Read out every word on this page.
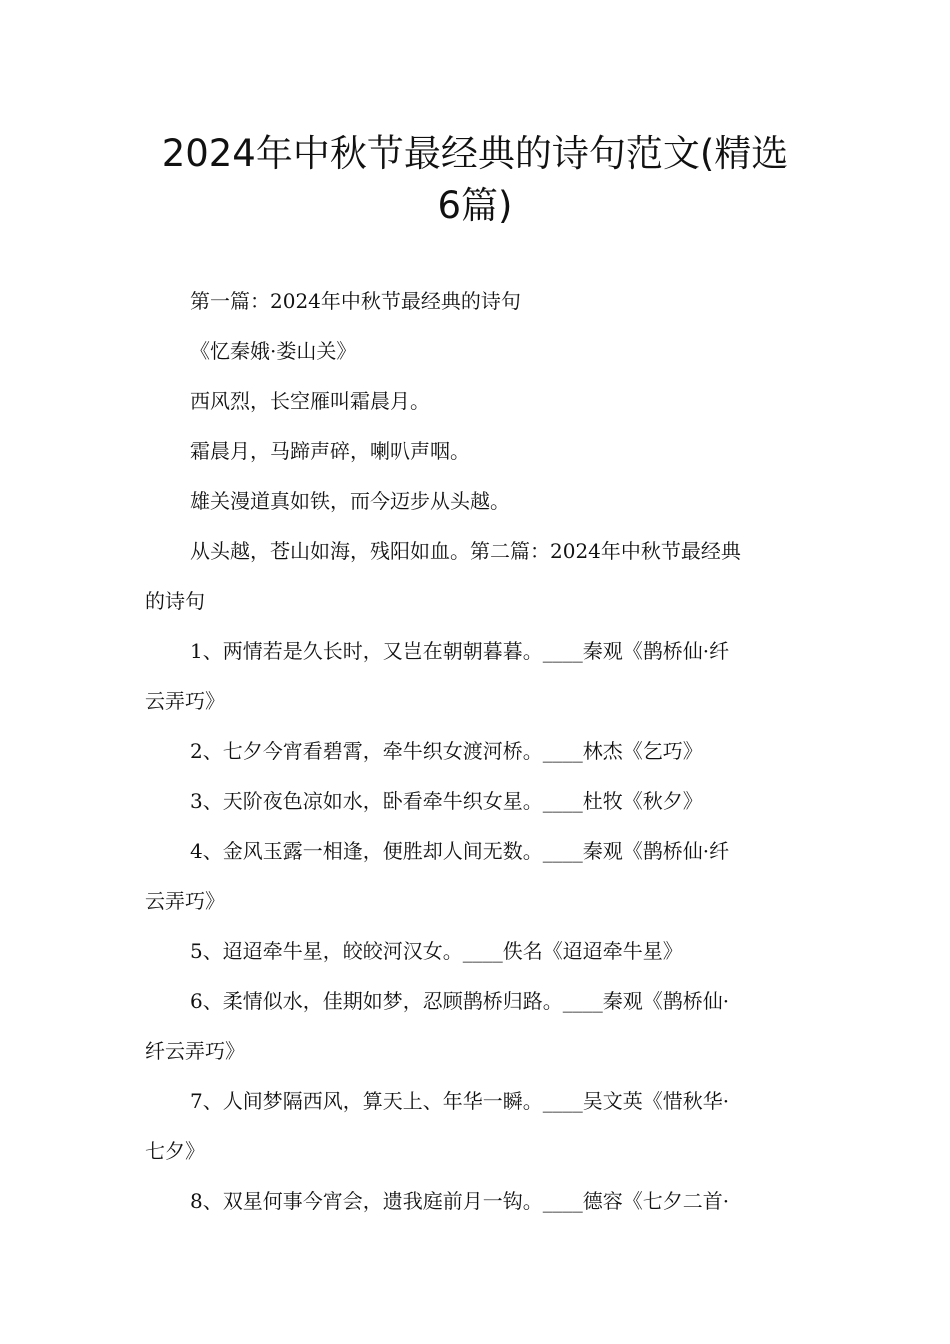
2024年中秋节最经典的诗句范文(精选
6篇)
第一篇：2024年中秋节最经典的诗句
《忆秦娥·娄山关》
西风烈，长空雁叫霜晨月。
霜晨月，马蹄声碎，喇叭声咽。
雄关漫道真如铁，而今迈步从头越。
从头越，苍山如海，残阳如血。第二篇：2024年中秋节最经典
的诗句
1、两情若是久长时，又岂在朝朝暮暮。____秦观《鹊桥仙·纤
云弄巧》
2、七夕今宵看碧霄，牵牛织女渡河桥。____林杰《乞巧》
3、天阶夜色凉如水，卧看牵牛织女星。____杜牧《秋夕》
4、金风玉露一相逢，便胜却人间无数。____秦观《鹊桥仙·纤
云弄巧》
5、迢迢牵牛星，皎皎河汉女。____佚名《迢迢牵牛星》
6、柔情似水，佳期如梦，忍顾鹊桥归路。____秦观《鹊桥仙·
纤云弄巧》
7、人间梦隔西风，算天上、年华一瞬。____吴文英《惜秋华·
七夕》
8、双星何事今宵会，遗我庭前月一钩。____德容《七夕二首·
